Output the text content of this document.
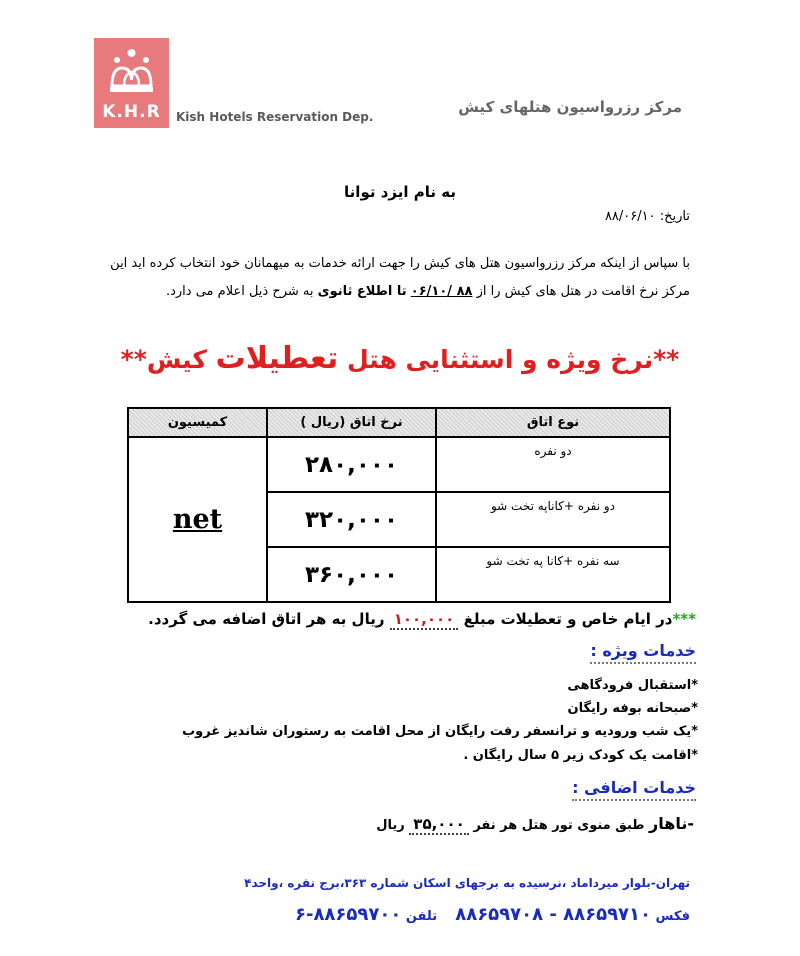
K.H.R	Kish Hotels Reservation Dep.
مرکز رزرواسیون هتلهای کیش
به نام ایزد توانا
تاریخ: ۸۸/۰۶/۱۰
با سپاس از اینکه مرکز رزرواسیون هتل های کیش را جهت ارائه خدمات به میهمانان خود انتخاب کرده اید این
مرکز نرخ اقامت در هتل های کیش را از ۸۸ /۰۶/۱۰ تا اطلاع ثانوی به شرح ذیل اعلام می دارد.
**نرخ ویژه و استثنایی هتل تعطیلات کیش**
نوع اتاق	نرخ اتاق (ریال )	کمیسیون
دو نفره	۲۸۰,۰۰۰	net
دو نفره +کاناپه تخت شو	۳۲۰,۰۰۰	
سه نفره +کانا په تخت شو	۳۶۰,۰۰۰	
***در ایام خاص و تعطیلات مبلغ ۱۰۰,۰۰۰ ریال به هر اتاق اضافه می گردد.
خدمات ویژه :
*استقبال فرودگاهی
*صبحانه بوفه رایگان
*یک شب ورودیه و ترانسفر رفت رایگان از محل اقامت به رستوران شاندیز غروب
*اقامت یک کودک زیر ۵ سال رایگان .
خدمات اضافی :
-ناهار طبق منوی تور هتل هر نفر ۳۵,۰۰۰ ریال
تهران-بلوار میرداماد ،نرسیده به برجهای اسکان شماره ۳۶۳،برج نقره ،واحد۴
فکس ۸۸۶۵۹۷۱۰ - ۸۸۶۵۹۷۰۸    تلفن ۸۸۶۵۹۷۰۰-۶
